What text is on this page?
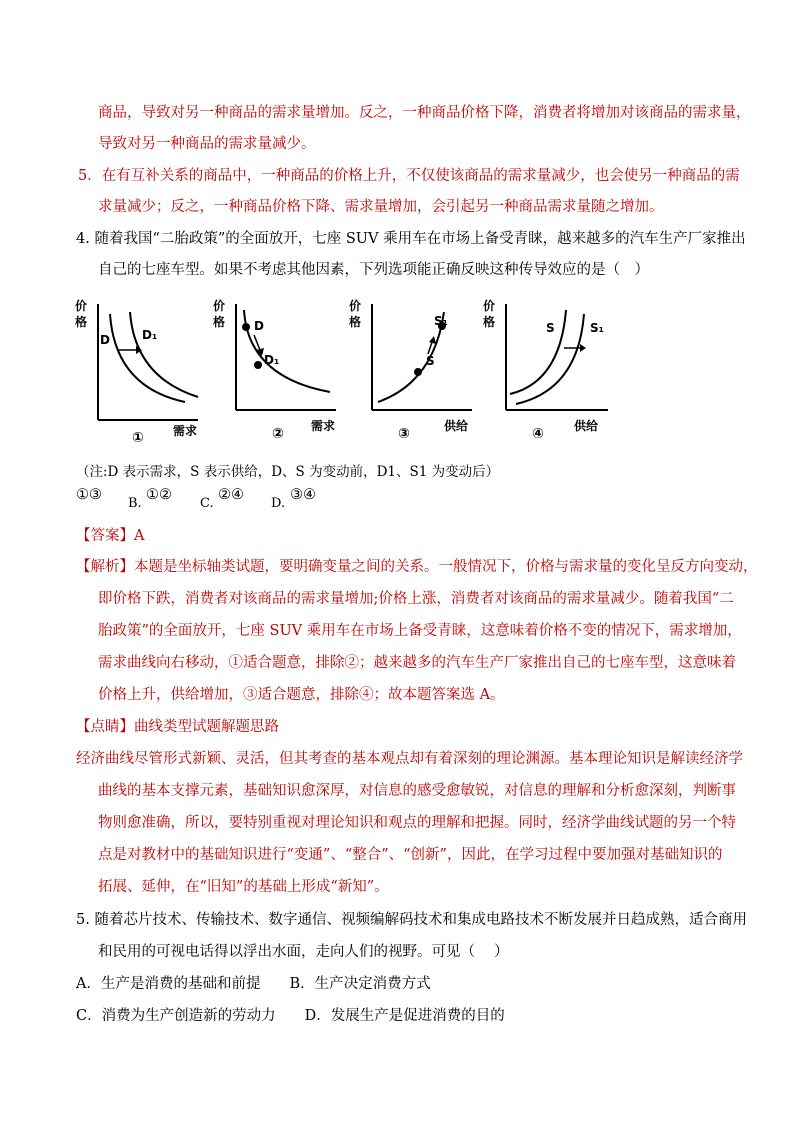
商品，导致对另一种商品的需求量增加。反之，一种商品价格下降，消费者将增加对该商品的需求量，
导致对另一种商品的需求量减少。
5．在有互补关系的商品中，一种商品的价格上升，不仅使该商品的需求量减少，也会使另一种商品的需
求量减少；反之，一种商品价格下降、需求量增加，会引起另一种商品需求量随之增加。
4. 随着我国“二胎政策”的全面放开，七座 SUV 乘用车在市场上备受青睐，越来越多的汽车生产厂家推出
自己的七座车型。如果不考虑其他因素，下列选项能正确反映这种传导效应的是（　）
价
格
D	D₁
需求
①
价
格 D
D₁
需求
②
价
格	S₁
S
供给
③
价
格	S	S₁
供给
④
（注:D 表示需求，S 表示供给，D、S 为变动前，D1、S1 为变动后）
①③
B.
①②
C.
②④
D.
③④
【答案】A
【解析】本题是坐标轴类试题，要明确变量之间的关系。一般情况下，价格与需求量的变化呈反方向变动，
即价格下跌，消费者对该商品的需求量增加;价格上涨，消费者对该商品的需求量减少。随着我国“二
胎政策”的全面放开，七座 SUV 乘用车在市场上备受青睐，这意味着价格不变的情况下，需求增加，
需求曲线向右移动，①适合题意，排除②；越来越多的汽车生产厂家推出自己的七座车型，这意味着
价格上升，供给增加，③适合题意，排除④；故本题答案选 A。
【点睛】曲线类型试题解题思路
经济曲线尽管形式新颖、灵活，但其考查的基本观点却有着深刻的理论渊源。基本理论知识是解读经济学
曲线的基本支撑元素，基础知识愈深厚，对信息的感受愈敏锐，对信息的理解和分析愈深刻，判断事
物则愈准确，所以，要特别重视对理论知识和观点的理解和把握。同时，经济学曲线试题的另一个特
点是对教材中的基础知识进行“变通”、“整合”、“创新”，因此，在学习过程中要加强对基础知识的
拓展、延伸，在“旧知”的基础上形成“新知”。
5. 随着芯片技术、传输技术、数字通信、视频编解码技术和集成电路技术不断发展并日趋成熟，适合商用
和民用的可视电话得以浮出水面，走向人们的视野。可见（　 ）
A．生产是消费的基础和前提　　B．生产决定消费方式
C．消费为生产创造新的劳动力　　D．发展生产是促进消费的目的
